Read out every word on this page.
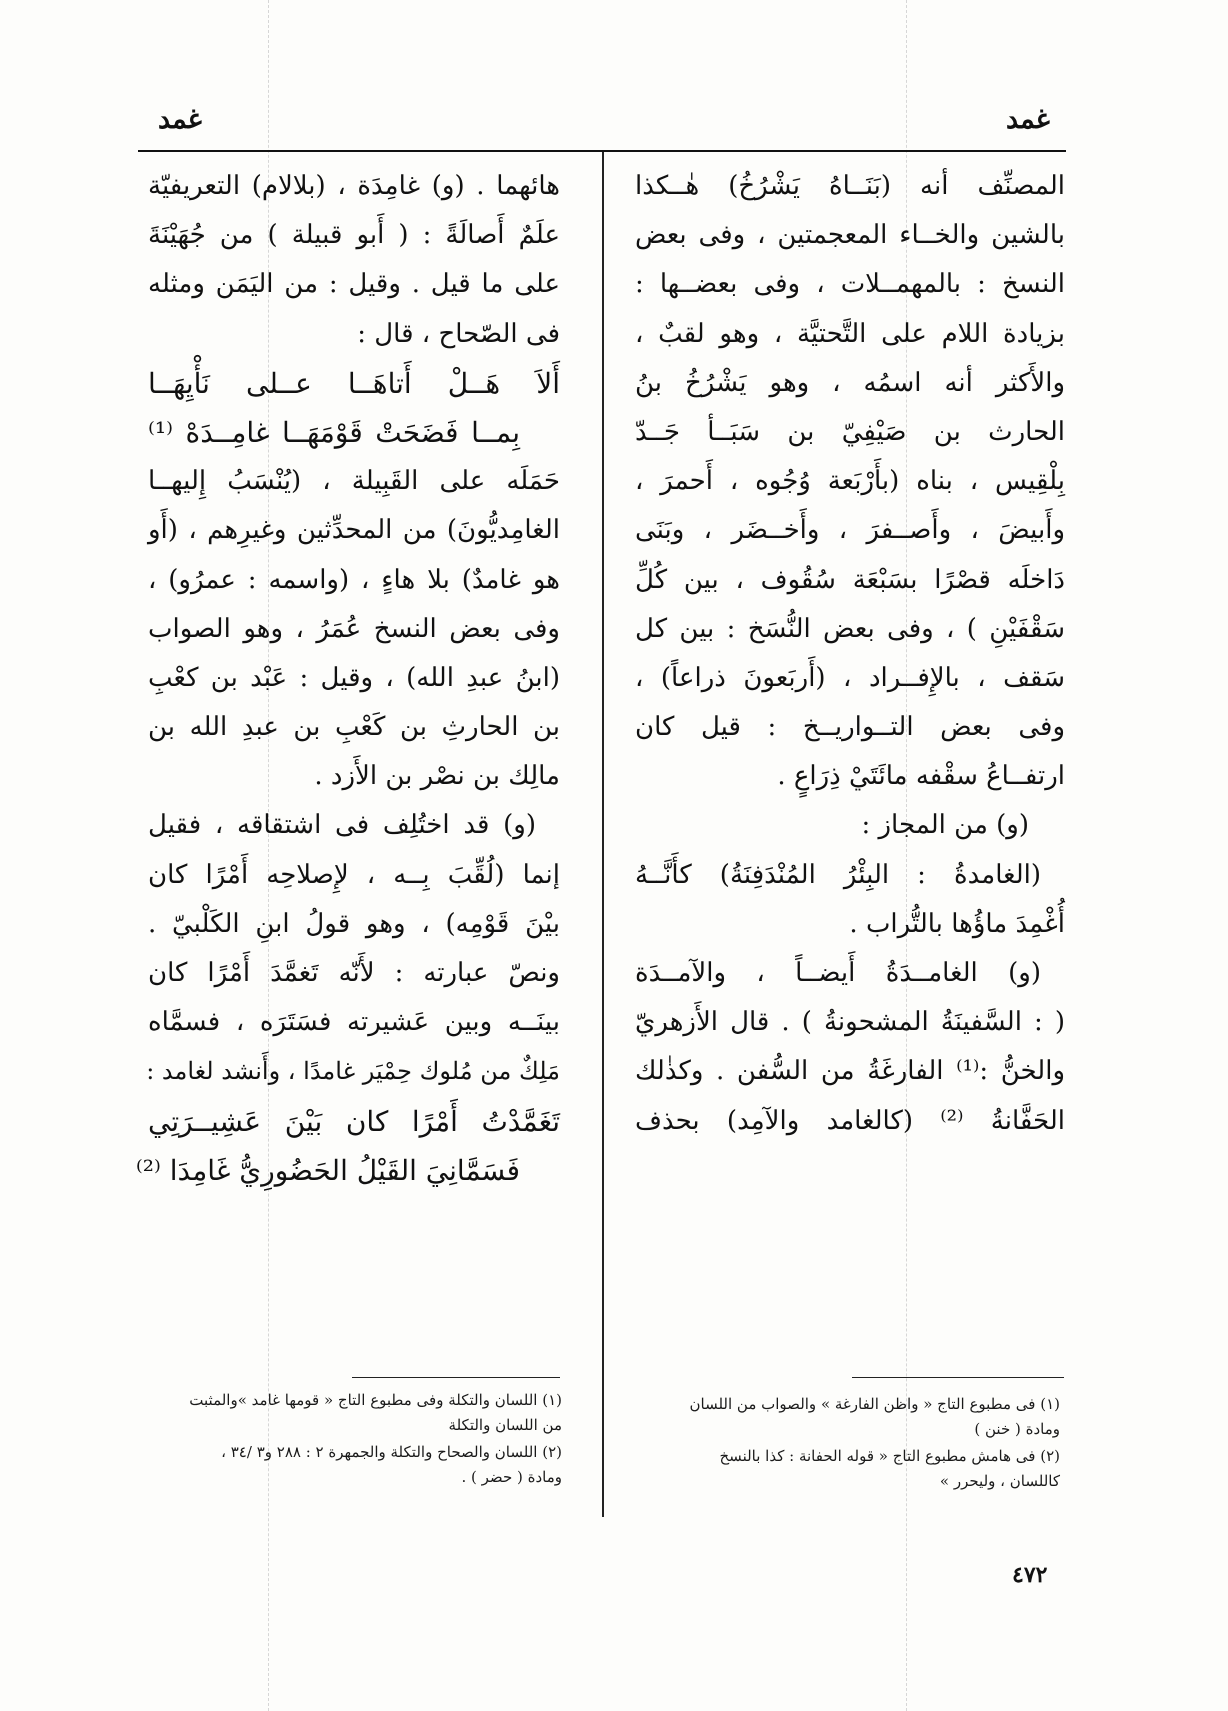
غمد	غمد
المصنِّف أنه (بَنَــاهُ يَشْرُخُ) هٰــكذا
بالشين والخــاء المعجمتين ، وفى بعض
النسخ : بالمهمــلات ، وفى بعضــها :
بزيادة اللام على التَّحتيَّة ، وهو لقبٌ ،
والأَكثر أنه اسمُه ، وهو يَشْرُخُ بنُ
الحارث بن صَيْفِيّ بن سَبَــأ جَــدّ
بِلْقِيس ، بناه (بأَرْبَعة وُجُوه ، أَحمرَ ،
وأَبيضَ ، وأَصــفرَ ، وأَخــضَر ، وبَنَى
دَاخلَه قصْرًا بسَبْعَة سُقُوف ، بين كُلِّ
سَقْفَيْنِ ) ، وفى بعض النُّسَخ : بين كل
سَقف ، بالإِفــراد ، (أَربَعونَ ذراعاً) ،
وفى بعض التــواريــخ : قيل كان
ارتفــاعُ سقْفه مائَتَيْ ذِرَاعٍ .
(و) من المجاز :
(الغامدةُ : البِئْرُ المُنْدَفِنَةُ) كأَنَّــهُ
أُغْمِدَ ماؤُها بالتُّراب .
(و) الغامــدَةُ أَيضــاً ، والآمــدَة
( : السَّفينَةُ المشحونةُ ) . قال الأَزهريّ
والخنُّ :⁽¹⁾ الفارغَةُ من السُّفن . وكذٰلك
الحَفَّانةُ ⁽²⁾ (كالغامد والآمِد) بحذف
هائهما . (و) غامِدَة ، (بلالام) التعريفيّة
علَمٌ أَصالَةً : ( أَبو قبيلة ) من جُهَيْنَةَ
على ما قيل . وقيل : من اليَمَن ومثله
فى الصّحاح ، قال :
أَلاَ هَــلْ أَتاهَــا عــلى نَأْيِهَــا
بِمــا فَضَحَتْ قَوْمَهَــا غامِــدَهْ ⁽¹⁾
حَمَلَه على القَبِيلة ، (يُنْسَبُ إِليهــا
الغامِديُّونَ) من المحدِّثين وغيرِهم ، (أَو
هو غامدٌ) بلا هاءٍ ، (واسمه : عمرُو) ،
وفى بعض النسخ عُمَرُ ، وهو الصواب
(ابنُ عبدِ الله) ، وقيل : عَبْد بن كعْبِ
بن الحارثِ بن كَعْبِ بن عبدِ الله بن
مالِك بن نصْر بن الأَزد .
(و) قد اختُلِف فى اشتقاقه ، فقيل
إنما (لُقِّبَ بِــه ، لإِصلاحِه أَمْرًا كان
بيْنَ قَوْمِه) ، وهو قولُ ابنِ الكَلْبيّ .
ونصّ عبارته : لأَنّه تَغمَّدَ أَمْرًا كان
بينَــه وبين عَشيرته فسَتَرَه ، فسمَّاه
مَلِكٌ من مُلوك حِمْيَر غامدًا ، وأَنشد لغامد :
تَغَمَّدْتُ أَمْرًا كان بَيْنَ عَشِيــرَتِي
فَسَمَّانِيَ القَيْلُ الحَضُورِيُّ غَامِدَا ⁽²⁾
(١) اللسان والتكلة وفى مطبوع التاج « قومها غامد »والمثبت
من اللسان والتكلة
(٢) اللسان والصحاح والتكلة والجمهرة ٢ : ٢٨٨ و٣ /٣٤ ،
ومادة ( حضر ) .
(١) فى مطبوع التاج « واظن الفارغة » والصواب من اللسان
ومادة ( خنن )
(٢) فى هامش مطبوع التاج « قوله الحفانة : كذا بالنسخ
كاللسان ، وليحرر »
٤٧٢
